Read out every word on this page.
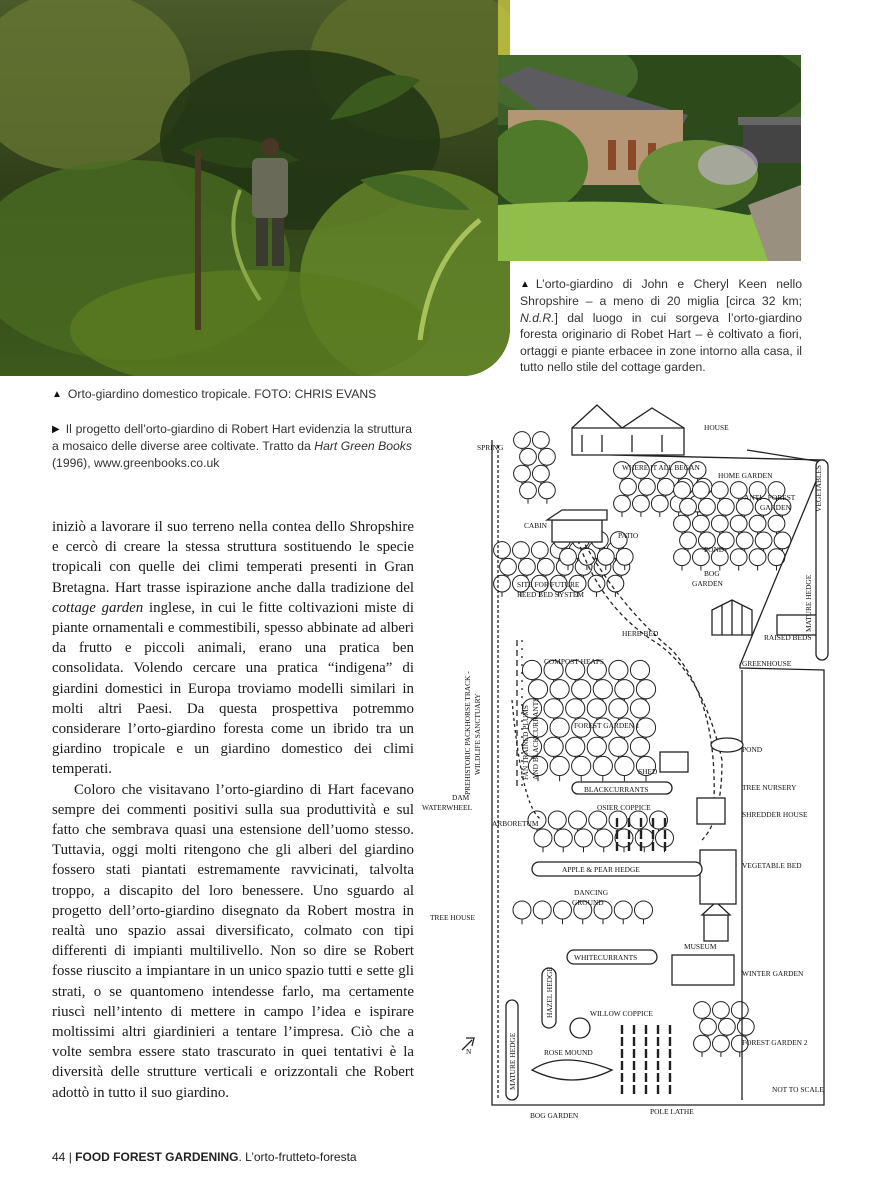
▲ L’orto-giardino di John e Cheryl Keen nello Shropshire – a meno di 20 miglia [circa 32 km; N.d.R.] dal luogo in cui sorgeva l’orto-giardino foresta originario di Robet Hart – è coltivato a fiori, ortaggi e piante erbacee in zone intorno alla casa, il tutto nello stile del cottage garden.
▲ Orto-giardino domestico tropicale. FOTO: CHRIS EVANS
▶ Il progetto dell’orto-giardino di Robert Hart evidenzia la struttura a mosaico delle diverse aree coltivate. Tratto da Hart Green Books (1996), www.greenbooks.co.uk

iniziò a lavorare il suo terreno nella contea dello Shropshire e cercò di creare la stessa struttura sostituendo le specie tropicali con quelle dei climi temperati presenti in Gran Bretagna. Hart trasse ispirazione anche dalla tradizione del cottage garden inglese, in cui le fitte coltivazioni miste di piante ornamentali e commestibili, spesso abbinate ad alberi da frutto e piccoli animali, erano una pratica ben consolidata. Volendo cercare una pratica “indigena” di giardini domestici in Europa troviamo modelli similari in molti altri Paesi. Da questa prospettiva potremmo considerare l’orto-giardino foresta come un ibrido tra un giardino tropicale e un giardino domestico dei climi temperati.

Coloro che visitavano l’orto-giardino di Hart facevano sempre dei commenti positivi sulla sua produttività e sul fatto che sembrava quasi una estensione dell’uomo stesso. Tuttavia, oggi molti ritengono che gli alberi del giardino fossero stati piantati estremamente ravvicinati, talvolta troppo, a discapito del loro benessere. Uno sguardo al progetto dell’orto-giardino disegnato da Robert mostra in realtà uno spazio assai diversificato, colmato con tipi differenti di impianti multilivello. Non so dire se Robert fosse riuscito a impiantare in un unico spazio tutti e sette gli strati, o se quantomeno intendesse farlo, ma certamente riuscì nell’intento di mettere in campo l’idea e ispirare moltissimi altri giardinieri a tentare l’impresa. Ciò che a volte sembra essere stato trascurato in quei tentativi è la diversità delle strutture verticali e orizzontali che Robert adottò in tutto il suo giardino.

HOUSE
SPRING
WHERE IT ALL BEGAN
HOME GARDEN
ANTI - FOREST
GARDEN	VEGETABLES
MATURE HEDGE
CABIN
PATIO
POND
BOG
GARDEN
SITE FOR FUTURE
REED BED SYSTEM
HERB BED	RAISED BEDS
GREENHOUSE
COMPOST HEAPS
PREHISTORIC PACKHORSE TRACK - WILDLIFE SANCTUARY	FAN TRAINED PLUMS AND BLACKCURRANTS	FOREST GARDEN 1
POND
SHED
BLACKCURRANTS	TREE NURSERY
DAM
WATERWHEEL
ARBORETUM
OSIER COPPICE
SHREDDER HOUSE
VEGETABLE BED
APPLE & PEAR HEDGE
DANCING
GROUND
TREE HOUSE
MUSEUM
WHITECURRANTS
HAZEL HEDGE	WINTER GARDEN
WILLOW COPPICE
MATURE HEDGE	ROSE MOUND
FOREST GARDEN 2
NOT TO SCALE
BOG GARDEN	POLE LATHE
N
44 | FOOD FOREST GARDENING. L’orto-frutteto-foresta
